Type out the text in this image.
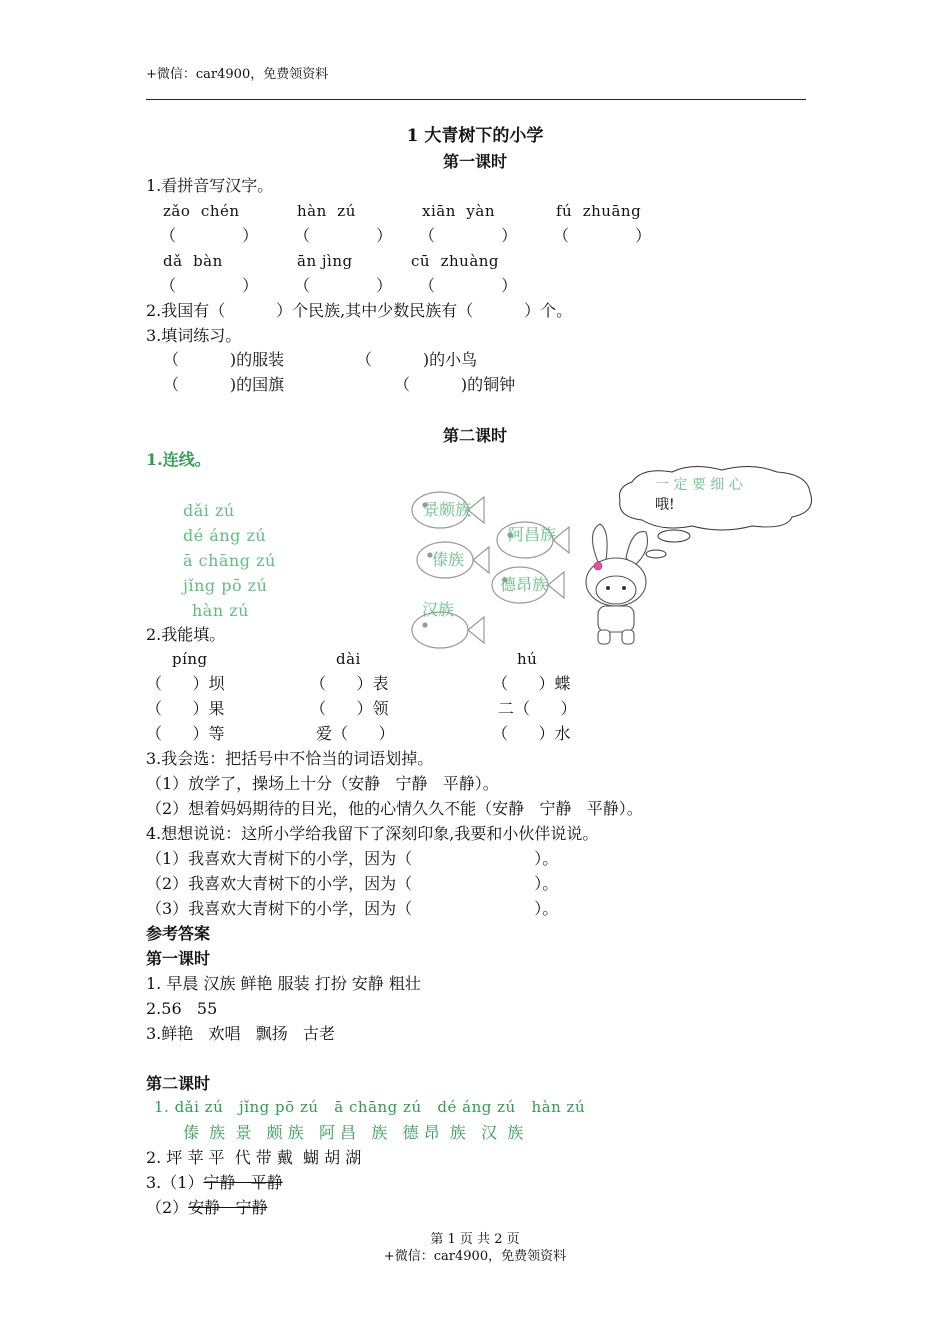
+微信：car4900，免费领资料
1 大青树下的小学
第一课时
1.看拼音写汉字。
zǎo  chén	hàn  zú	xiān  yàn	fú  zhuāng
（             ） （             ） （             ） （             ）
dǎ  bàn	ān jìng	cū  zhuàng
（             ） （             ） （             ）
2.我国有（          ）个民族,其中少数民族有（          ）个。
3.填词练习。
（          )的服装	（          )的小鸟
（          )的国旗	（          )的铜钟
第二课时
1.连线。
一 定 要 细 心
哦!
dǎi zú
dé áng zú
ā chāng zú
jǐng pō zú
hàn zú
景颇族
阿昌族
傣族
德昂族
汉族
2.我能填。
píng	dài	hú
（      ）坝	（      ）表	（      ）蝶
（      ）果	（      ）领	二（      ）
（      ）等	爱（      ）	（      ）水
3.我会选：把括号中不恰当的词语划掉。
（1）放学了，操场上十分（安静   宁静   平静）。
（2）想着妈妈期待的目光，他的心情久久不能（安静   宁静   平静）。
4.想想说说：这所小学给我留下了深刻印象,我要和小伙伴说说。
（1）我喜欢大青树下的小学，因为（                        ）。
（2）我喜欢大青树下的小学，因为（                        ）。
（3）我喜欢大青树下的小学，因为（                        ）。
参考答案
第一课时
1. 早晨 汉族 鲜艳 服装 打扮 安静 粗壮
2.56   55
3.鲜艳   欢唱   飘扬   古老
第二课时
1. dǎi zú   jǐng pō zú   ā chāng zú   dé áng zú   hàn zú
傣  族  景   颇 族   阿 昌   族   德 昂  族   汉  族
2. 坪 苹 平  代 带 戴  蝴 胡 湖
3.（1）宁静   平静
（2）安静   宁静
第 1 页 共 2 页
+微信：car4900，免费领资料
